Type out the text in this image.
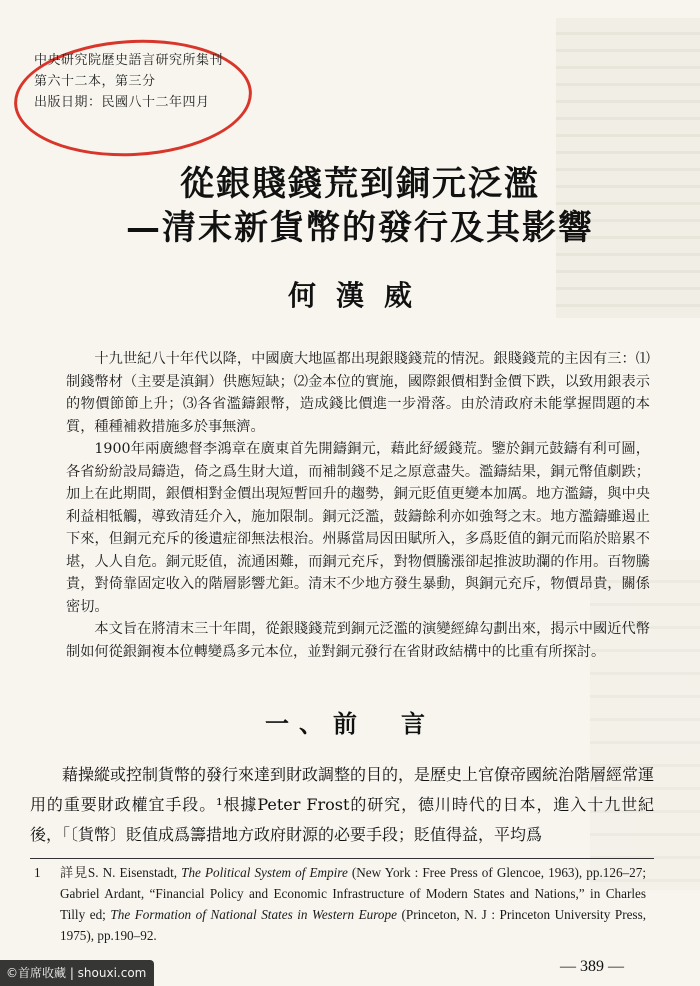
中央研究院歷史語言研究所集刊
第六十二本，第三分
出版日期：民國八十二年四月
從銀賤錢荒到銅元泛濫
—清末新貨幣的發行及其影響
何漢威

十九世紀八十年代以降，中國廣大地區都出現銀賤錢荒的情況。銀賤錢荒的主因有三：⑴制錢幣材（主要是滇銅）供應短缺；⑵金本位的實施，國際銀價相對金價下跌，以致用銀表示的物價節節上升；⑶各省濫鑄銀幣，造成錢比價進一步滑落。由於清政府未能掌握問題的本質，種種補救措施多於事無濟。

1900年兩廣總督李鴻章在廣東首先開鑄銅元，藉此紓緩錢荒。鑒於銅元鼓鑄有利可圖，各省紛紛設局鑄造，倚之爲生財大道，而補制錢不足之原意盡失。濫鑄結果，銅元幣值劇跌；加上在此期間，銀價相對金價出現短暫回升的趨勢，銅元貶值更變本加厲。地方濫鑄，與中央利益相牴觸，導致清廷介入，施加限制。銅元泛濫，鼓鑄餘利亦如強弩之末。地方濫鑄雖遏止下來，但銅元充斥的後遺症卻無法根治。州縣當局因田賦所入，多爲貶值的銅元而陷於賠累不堪，人人自危。銅元貶值，流通困難，而銅元充斥，對物價騰漲卻起推波助瀾的作用。百物騰貴，對倚靠固定收入的階層影響尤鉅。清末不少地方發生暴動，與銅元充斥，物價昂貴，關係密切。

本文旨在將清末三十年間，從銀賤錢荒到銅元泛濫的演變經緯勾劃出來，揭示中國近代幣制如何從銀銅複本位轉變爲多元本位，並對銅元發行在省財政結構中的比重有所探討。

一、前　言

藉操縱或控制貨幣的發行來達到財政調整的目的，是歷史上官僚帝國統治階層經常運用的重要財政權宜手段。¹根據Peter Frost的研究，德川時代的日本，進入十九世紀後，「〔貨幣〕貶值成爲籌措地方政府財源的必要手段；貶值得益，平均爲

1 詳見S. N. Eisenstadt, The Political System of Empire (New York : Free Press of Glencoe, 1963), pp.126–27; Gabriel Ardant, “Financial Policy and Economic Infrastructure of Modern States and Nations,” in Charles Tilly ed; The Formation of National States in Western Europe (Princeton, N. J : Princeton University Press, 1975), pp.190–92.
— 389 —
©首席收藏 | shouxi.com
